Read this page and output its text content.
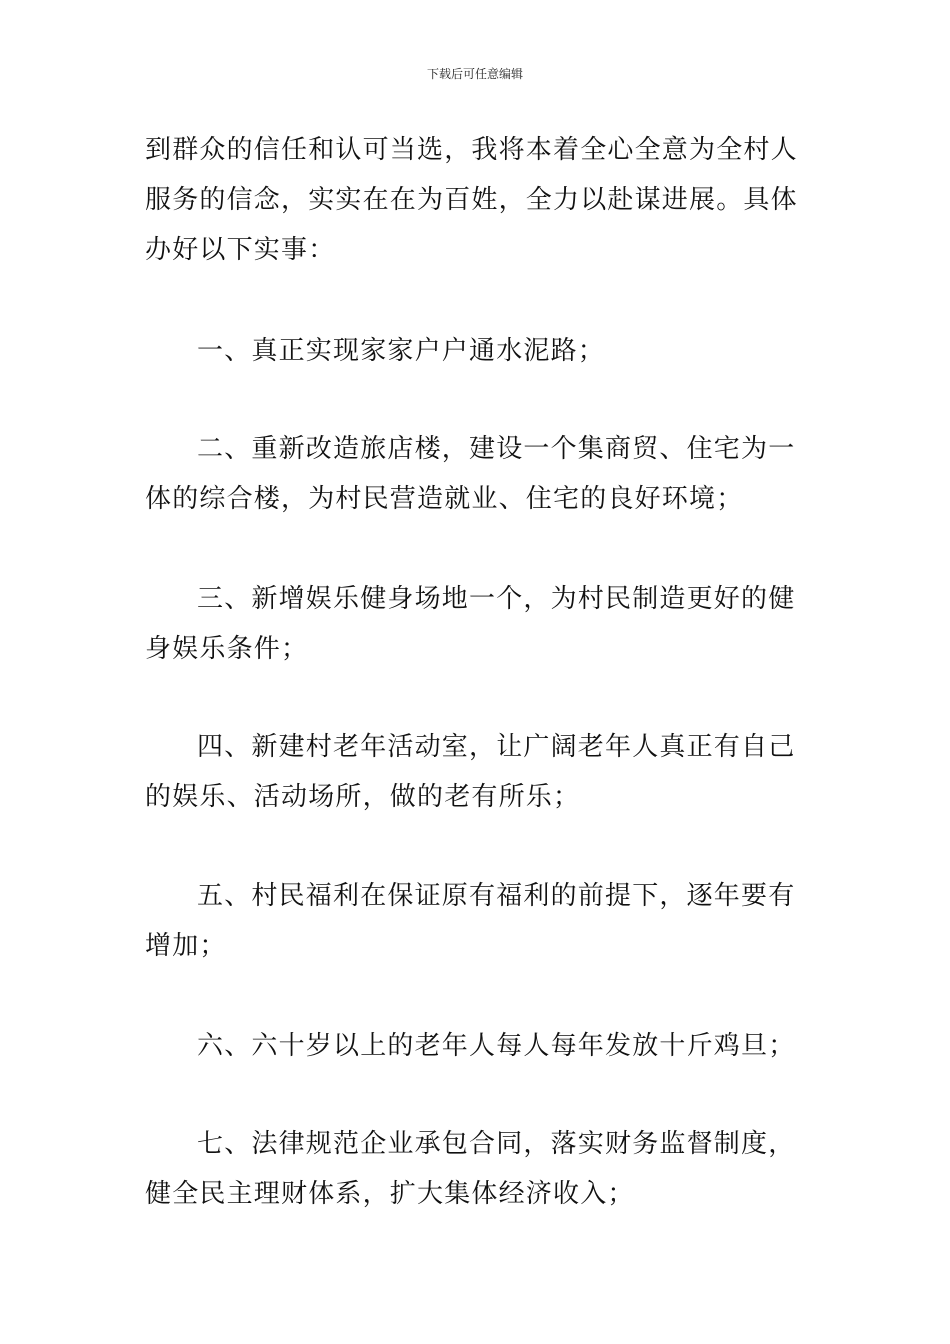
下载后可任意编辑

到群众的信任和认可当选，我将本着全心全意为全村人服务的信念，实实在在为百姓，全力以赴谋进展。具体办好以下实事：

一、真正实现家家户户通水泥路；

二、重新改造旅店楼，建设一个集商贸、住宅为一体的综合楼，为村民营造就业、住宅的良好环境；

三、新增娱乐健身场地一个，为村民制造更好的健身娱乐条件；

四、新建村老年活动室，让广阔老年人真正有自己的娱乐、活动场所，做的老有所乐；

五、村民福利在保证原有福利的前提下，逐年要有增加；

六、六十岁以上的老年人每人每年发放十斤鸡旦；

七、法律规范企业承包合同，落实财务监督制度，健全民主理财体系，扩大集体经济收入；
